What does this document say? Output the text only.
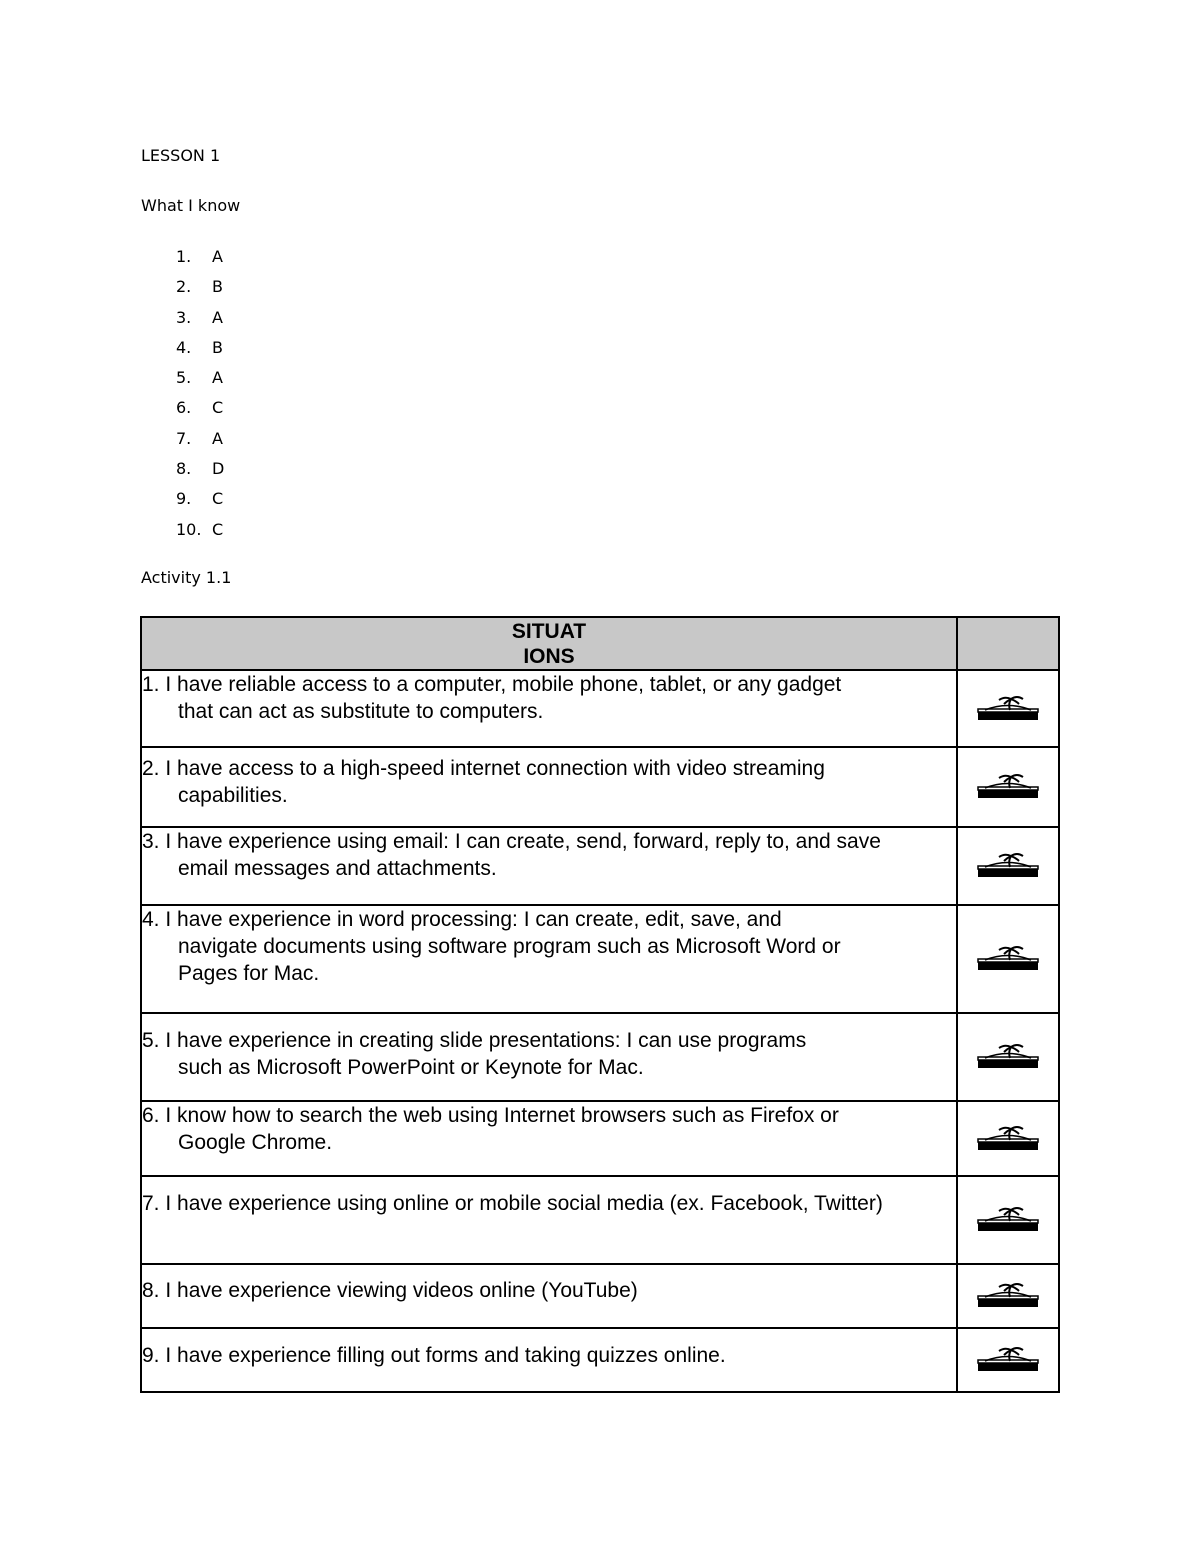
LESSON 1
What I know
1.	A
2.	B
3.	A
4.	B
5.	A
6.	C
7.	A
8.	D
9.	C
10. C
Activity 1.1
SITUAT
IONS	

1. I have reliable access to a computer, mobile phone, tablet, or any gadget
that can act as substitute to computers.

2. I have access to a high-speed internet connection with video streaming
capabilities.

3. I have experience using email: I can create, send, forward, reply to, and save
email messages and attachments.

4. I have experience in word processing: I can create, edit, save, and
navigate documents using software program such as Microsoft Word or
Pages for Mac.

5. I have experience in creating slide presentations: I can use programs
such as Microsoft PowerPoint or Keynote for Mac.

6. I know how to search the web using Internet browsers such as Firefox or
Google Chrome.

7. I have experience using online or mobile social media (ex. Facebook, Twitter)

8. I have experience viewing videos online (YouTube)

9. I have experience filling out forms and taking quizzes online.
